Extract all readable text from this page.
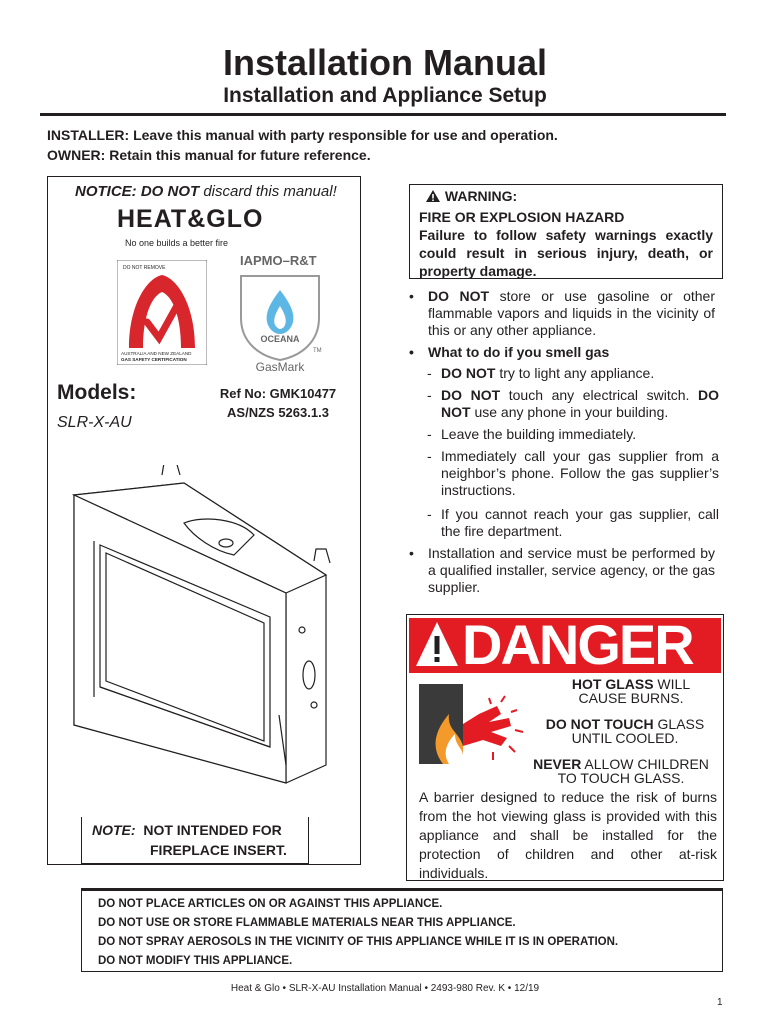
Installation Manual
Installation and Appliance Setup
INSTALLER: Leave this manual with party responsible for use and operation.
OWNER: Retain this manual for future reference.
NOTICE: DO NOT discard this manual!
HEAT&GLO
No one builds a better fire
DO NOT REMOVE
AUSTRALIA AND NEW ZEALAND
GAS SAFETY CERTIFICATION
IAPMO–R&T
OCEANA
TM
GasMark
Models:
SLR-X-AU
Ref No: GMK10477
AS/NZS 5263.1.3
NOTE: NOT INTENDED FOR
FIREPLACE INSERT.
WARNING:
FIRE OR EXPLOSION HAZARD
Failure to follow safety warnings exactly could result in serious injury, death, or property damage.
• DO NOT store or use gasoline or other flammable vapors and liquids in the vicinity of this or any other appliance.
• What to do if you smell gas
- DO NOT try to light any appliance.
- DO NOT touch any electrical switch. DO NOT use any phone in your building.
- Leave the building immediately.
- Immediately call your gas supplier from a neighbor’s phone. Follow the gas supplier’s instructions.
- If you cannot reach your gas supplier, call the fire department.
• Installation and service must be performed by a qualified installer, service agency, or the gas supplier.
DANGER
HOT GLASS WILL
CAUSE BURNS.
DO NOT TOUCH GLASS
UNTIL COOLED.
NEVER ALLOW CHILDREN
TO TOUCH GLASS.
A barrier designed to reduce the risk of burns from the hot viewing glass is provided with this appliance and shall be installed for the protection of children and other at-risk individuals.
DO NOT PLACE ARTICLES ON OR AGAINST THIS APPLIANCE.
DO NOT USE OR STORE FLAMMABLE MATERIALS NEAR THIS APPLIANCE.
DO NOT SPRAY AEROSOLS IN THE VICINITY OF THIS APPLIANCE WHILE IT IS IN OPERATION.
DO NOT MODIFY THIS APPLIANCE.
Heat & Glo • SLR-X-AU Installation Manual • 2493-980 Rev. K • 12/19
1
